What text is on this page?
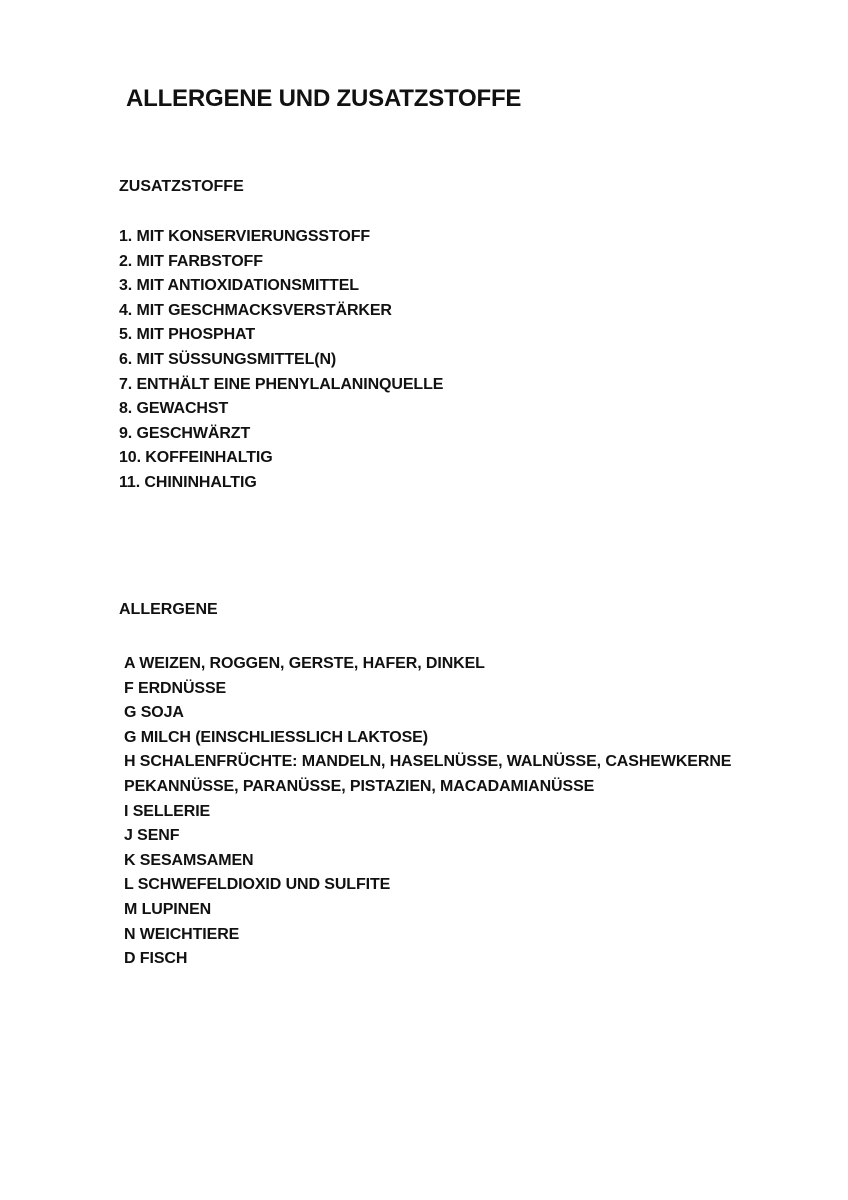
ALLERGENE UND ZUSATZSTOFFE
ZUSATZSTOFFE
1. MIT KONSERVIERUNGSSTOFF
2. MIT FARBSTOFF
3. MIT ANTIOXIDATIONSMITTEL
4. MIT GESCHMACKSVERSTÄRKER
5. MIT PHOSPHAT
6. MIT SÜSSUNGSMITTEL(N)
7. ENTHÄLT EINE PHENYLALANINQUELLE
8. GEWACHST
9. GESCHWÄRZT
10. KOFFEINHALTIG
11. CHININHALTIG
ALLERGENE
A WEIZEN, ROGGEN, GERSTE, HAFER, DINKEL
F ERDNÜSSE
G SOJA
G MILCH (EINSCHLIESSLICH LAKTOSE)
H SCHALENFRÜCHTE: MANDELN, HASELNÜSSE, WALNÜSSE, CASHEWKERNE
PEKANNÜSSE, PARANÜSSE, PISTAZIEN, MACADAMIANÜSSE
I SELLERIE
J SENF
K SESAMSAMEN
L SCHWEFELDIOXID UND SULFITE
M LUPINEN
N WEICHTIERE
D FISCH
